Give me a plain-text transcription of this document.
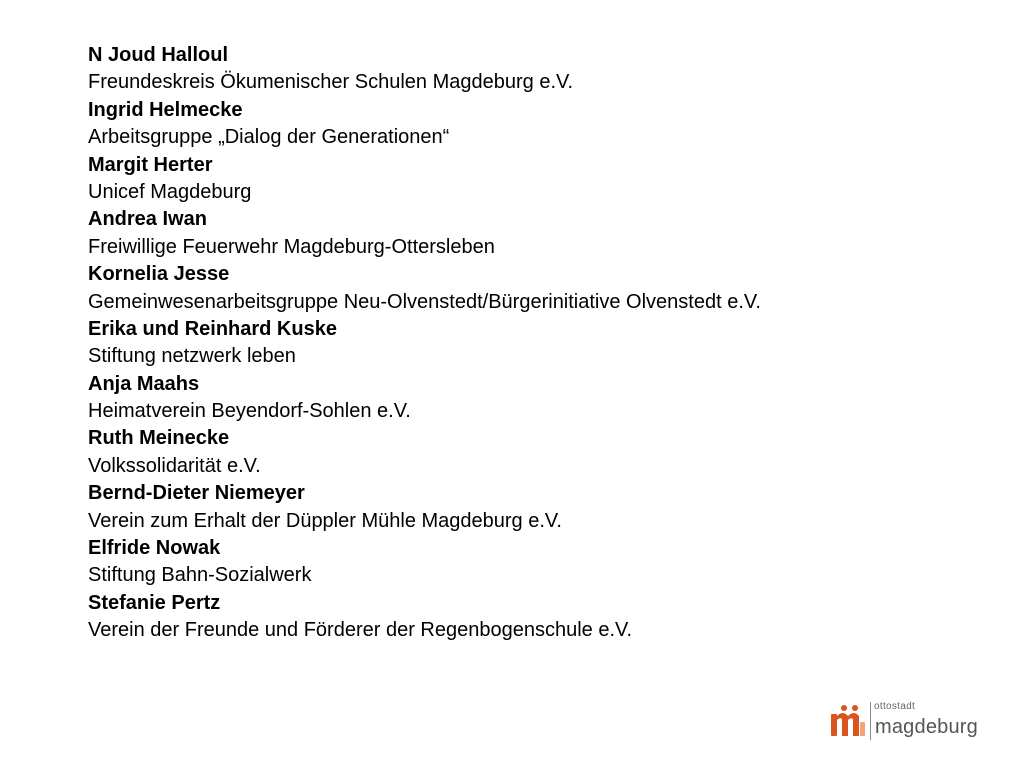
N Joud Halloul
Freundeskreis Ökumenischer Schulen Magdeburg e.V.
Ingrid Helmecke
Arbeitsgruppe „Dialog der Generationen“
Margit Herter
Unicef Magdeburg
Andrea Iwan
Freiwillige Feuerwehr Magdeburg-Ottersleben
Kornelia Jesse
Gemeinwesenarbeitsgruppe Neu-Olvenstedt/Bürgerinitiative Olvenstedt e.V.
Erika und Reinhard Kuske
Stiftung netzwerk leben
Anja Maahs
Heimatverein Beyendorf-Sohlen e.V.
Ruth Meinecke
Volkssolidarität e.V.
Bernd-Dieter Niemeyer
Verein zum Erhalt der Düppler Mühle Magdeburg e.V.
Elfride Nowak
Stiftung Bahn-Sozialwerk
Stefanie Pertz
Verein der Freunde und Förderer der Regenbogenschule e.V.
ottostadt
magdeburg
